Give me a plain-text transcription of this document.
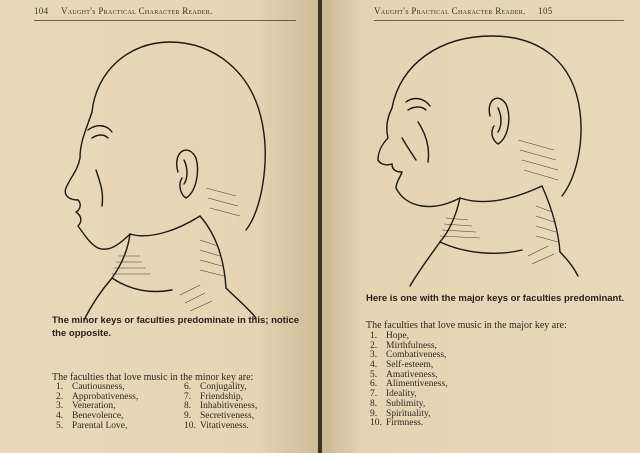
104 Vaught's Practical Character Reader.
The minor keys or faculties predominate in this; notice the opposite.
The faculties that love music in the minor key are:
1. Cautiousness,
2. Approbativeness,
3. Veneration,
4. Benevolence,
5. Parental Love,
6. Conjugality,
7. Friendship,
8. Inhabitiveness,
9. Secretiveness,
10. Vitativeness.
Vaught's Practical Character Reader. 105
Here is one with the major keys or faculties predominant.
The faculties that love music in the major key are:
1. Hope,
2. Mirthfulness,
3. Combativeness,
4. Self-esteem,
5. Amativeness,
6. Alimentiveness,
7. Ideality,
8. Sublimity,
9. Spirituality,
10. Firmness.
